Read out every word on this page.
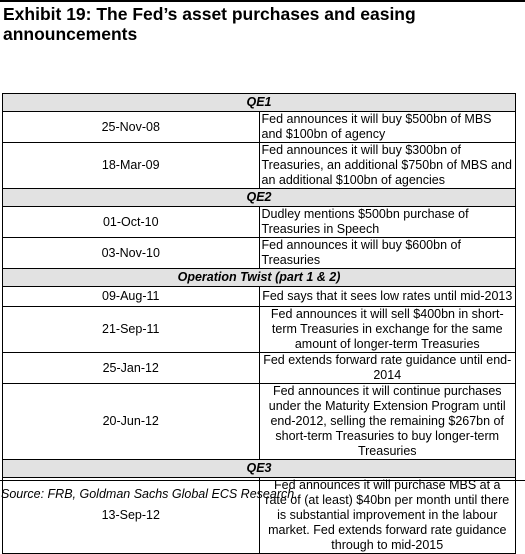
Exhibit 19: The Fed’s asset purchases and easing announcements
QE1	
25-Nov-08	Fed announces it will buy $500bn of MBS and $100bn of agency
18-Mar-09	Fed announces it will buy $300bn of Treasuries, an additional $750bn of MBS and an additional $100bn of agencies
QE2	
01-Oct-10	Dudley mentions $500bn purchase of Treasuries in Speech
03-Nov-10	Fed announces it will buy $600bn of Treasuries
Operation Twist (part 1 & 2)	
09-Aug-11	Fed says that it sees low rates until mid-2013
21-Sep-11	Fed announces it will sell $400bn in short-term Treasuries in exchange for the same amount of longer-term Treasuries
25-Jan-12	Fed extends forward rate guidance until end-2014
20-Jun-12	Fed announces it will continue purchases under the Maturity Extension Program until end-2012, selling the remaining $267bn of short-term Treasuries to buy longer-term Treasuries
QE3	
13-Sep-12	Fed announces it will purchase MBS at a rate of (at least) $40bn per month until there is substantial improvement in the labour market. Fed extends forward rate guidance through to mid-2015
Source: FRB, Goldman Sachs Global ECS Research.
